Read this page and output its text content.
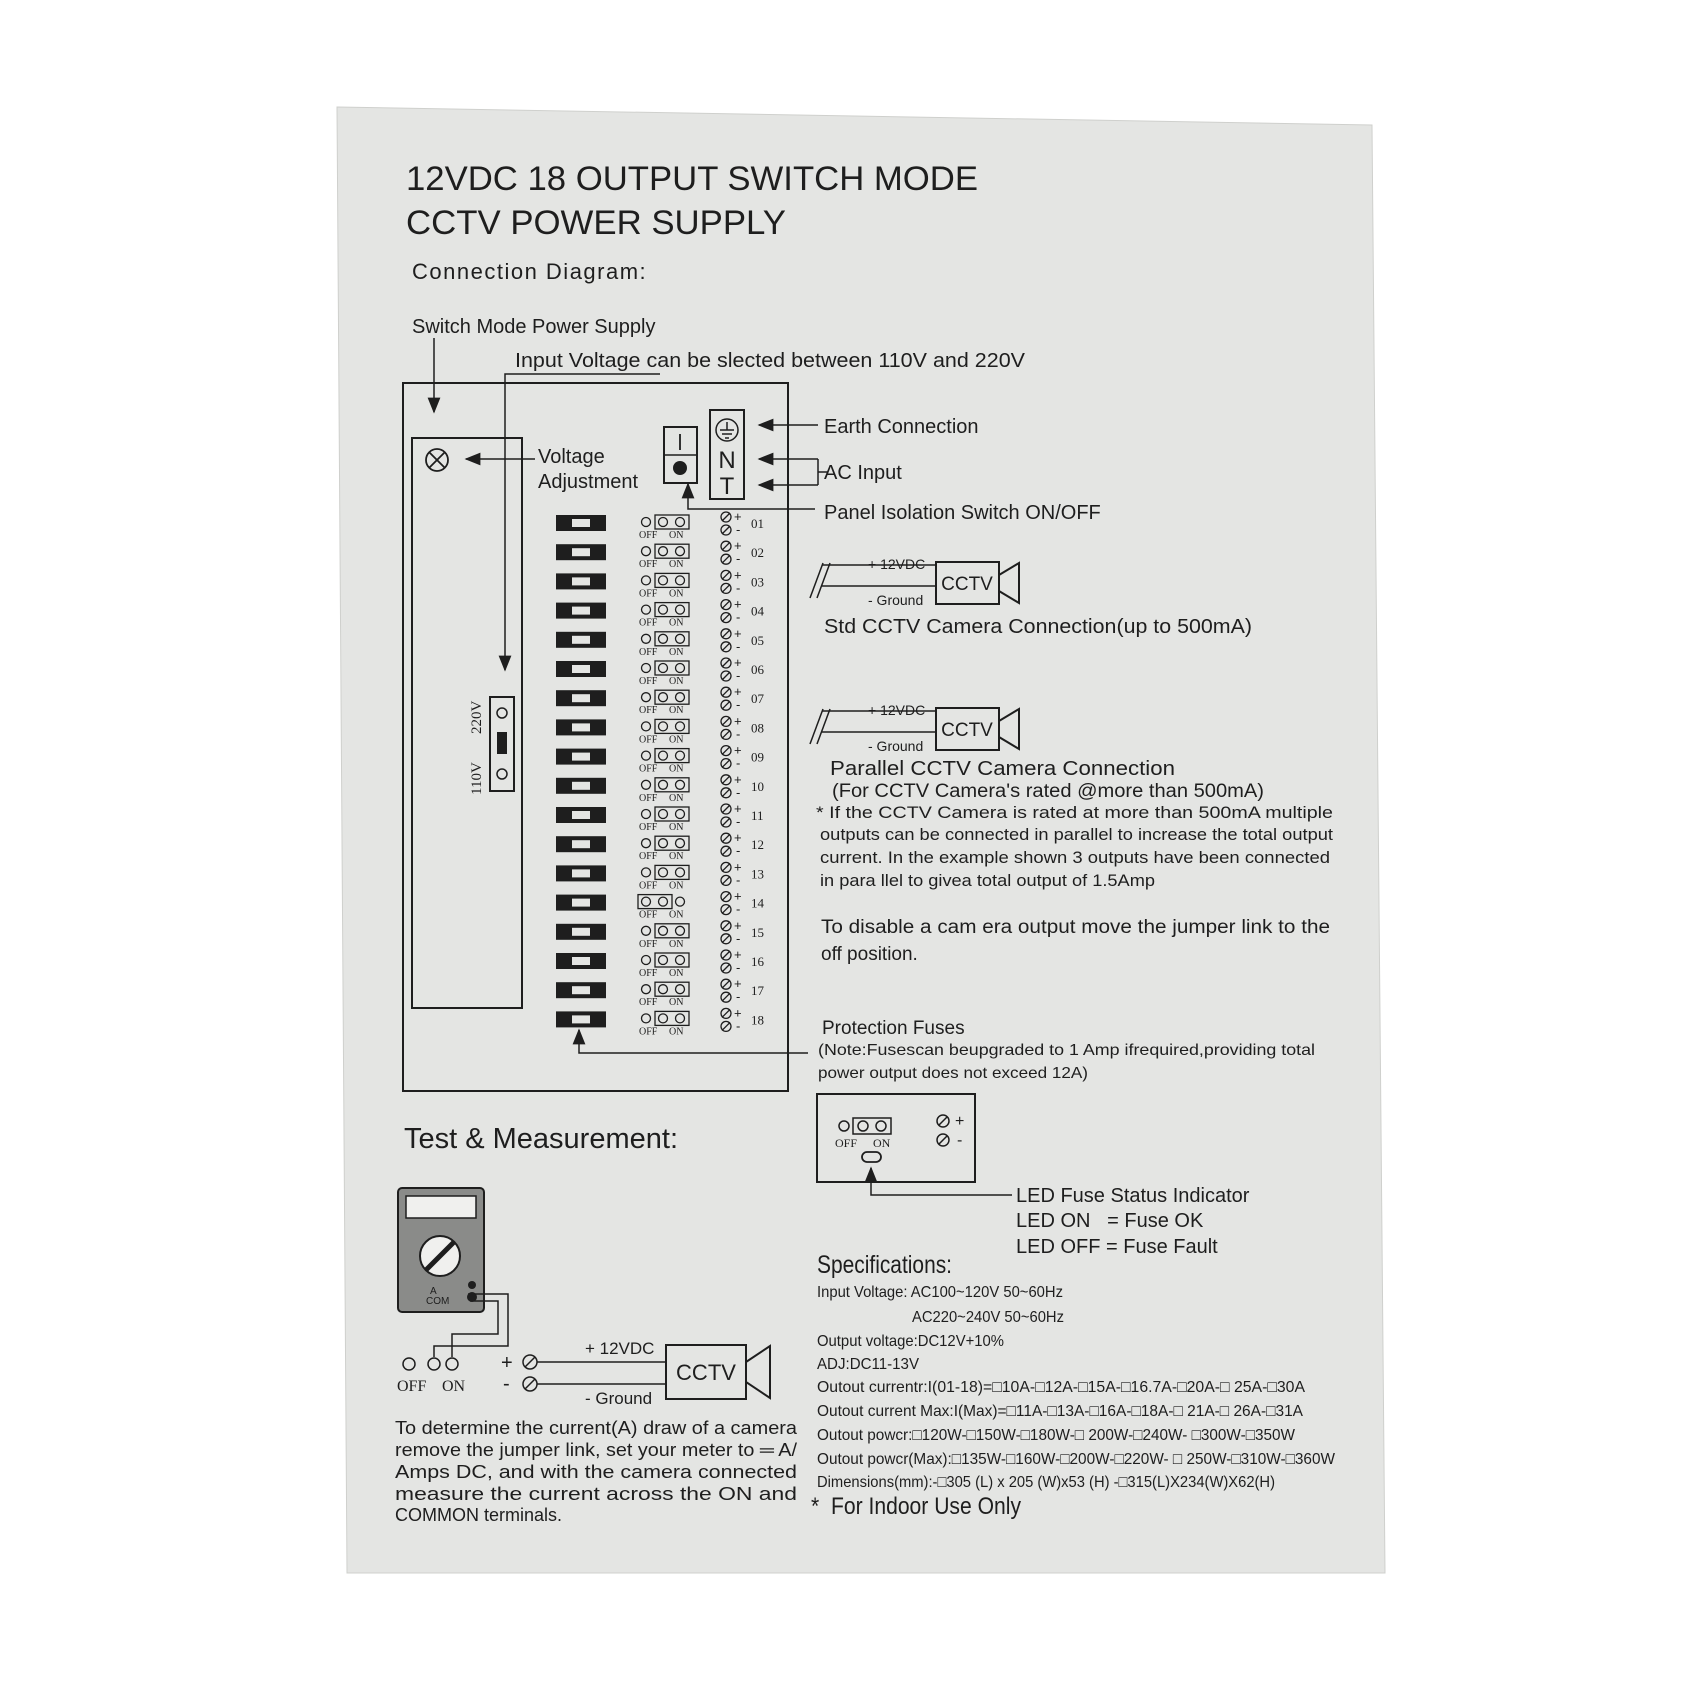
12VDC 18 OUTPUT SWITCH MODE
CCTV POWER SUPPLY
Connection Diagram:
Switch Mode Power Supply
Input Voltage can be slected between 110V and 220V
Voltage
Adjustment
220V
110V
N
T
Earth Connection
AC Input
Panel Isolation Switch ON/OFF
OFF ON
+
- 01
OFF ON
+
- 02
OFF ON
+
- 03
OFF ON
+
- 04
OFF ON
+
- 05
OFF ON
+
- 06
OFF ON
+
- 07
OFF ON
+
- 08
OFF ON
+
- 09
OFF ON
+
- 10
OFF ON
+
- 11
OFF ON
+
- 12
OFF ON
+
- 13
OFF ON
+
- 14
OFF ON
+
- 15
OFF ON
+
- 16
OFF ON
+
- 17
OFF ON
+
- 18
+ 12VDC
- Ground
CCTV
Std CCTV Camera Connection(up to 500mA)
+ 12VDC
- Ground
CCTV
Parallel CCTV Camera Connection
(For CCTV Camera's rated @more than 500mA)
* If the CCTV Camera is rated at more than 500mA multiple
outputs can be connected in parallel to increase the total output
current. In the example shown 3 outputs have been connected
in para llel to givea total output of 1.5Amp
To disable a cam era output move the jumper link to the
off position.
Protection Fuses
(Note:Fusescan beupgraded to 1 Amp ifrequired,providing total
power output does not exceed 12A)
OFF ON
+
-
LED Fuse Status Indicator
LED ON   = Fuse OK
LED OFF = Fuse Fault
Test & Measurement:
A
COM
OFF ON
+
-
+ 12VDC
- Ground
CCTV
To determine the current(A) draw of a camera
remove the jumper link, set your meter to ═ A/
Amps DC, and with the camera connected
measure the current across the ON and
COMMON terminals.
Specifications:
Input Voltage: AC100~120V 50~60Hz
AC220~240V 50~60Hz
Output voltage:DC12V+10%
ADJ:DC11-13V
Outout currentr:I(01-18)=□10A-□12A-□15A-□16.7A-□20A-□ 25A-□30A
Outout current Max:I(Max)=□11A-□13A-□16A-□18A-□ 21A-□ 26A-□31A
Outout powcr:□120W-□150W-□180W-□ 200W-□240W- □300W-□350W
Outout powcr(Max):□135W-□160W-□200W-□220W- □ 250W-□310W-□360W
Dimensions(mm):-□305 (L) x 205 (W)x53 (H) -□315(L)X234(W)X62(H)
*  For Indoor Use Only
